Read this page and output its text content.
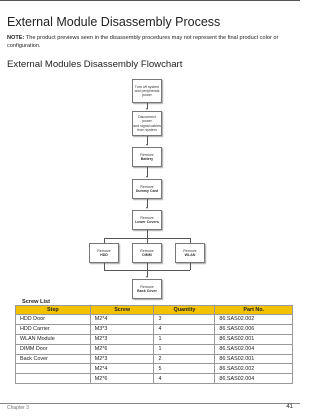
External Module Disassembly Process
NOTE: The product previews seen in the disassembly procedures may not represent the final product color or configuration.
External Modules Disassembly Flowchart
Turn off system
and peripherals
power
Disconnect power
and signal cables
from system
Remove
Battery
Remove
Dummy Card
Remove
Lower Covers
Remove
HDD
Remove
DIMM
Remove
WLAN
Remove
Back Cover
Screw List
Step	Screw	Quantity	Part No.
HDD Door	M2*4	3	86.SAS02.002
HDD Carrier	M3*3	4	86.SAS02.006
WLAN Module	M2*3	1	86.SAS02.001
DIMM Door	M2*6	1	86.SAS02.004
Back Cover	M2*3	2	86.SAS02.001
	M2*4	5	86.SAS02.002
	M2*6	4	86.SAS02.004
Chapter 3	41
